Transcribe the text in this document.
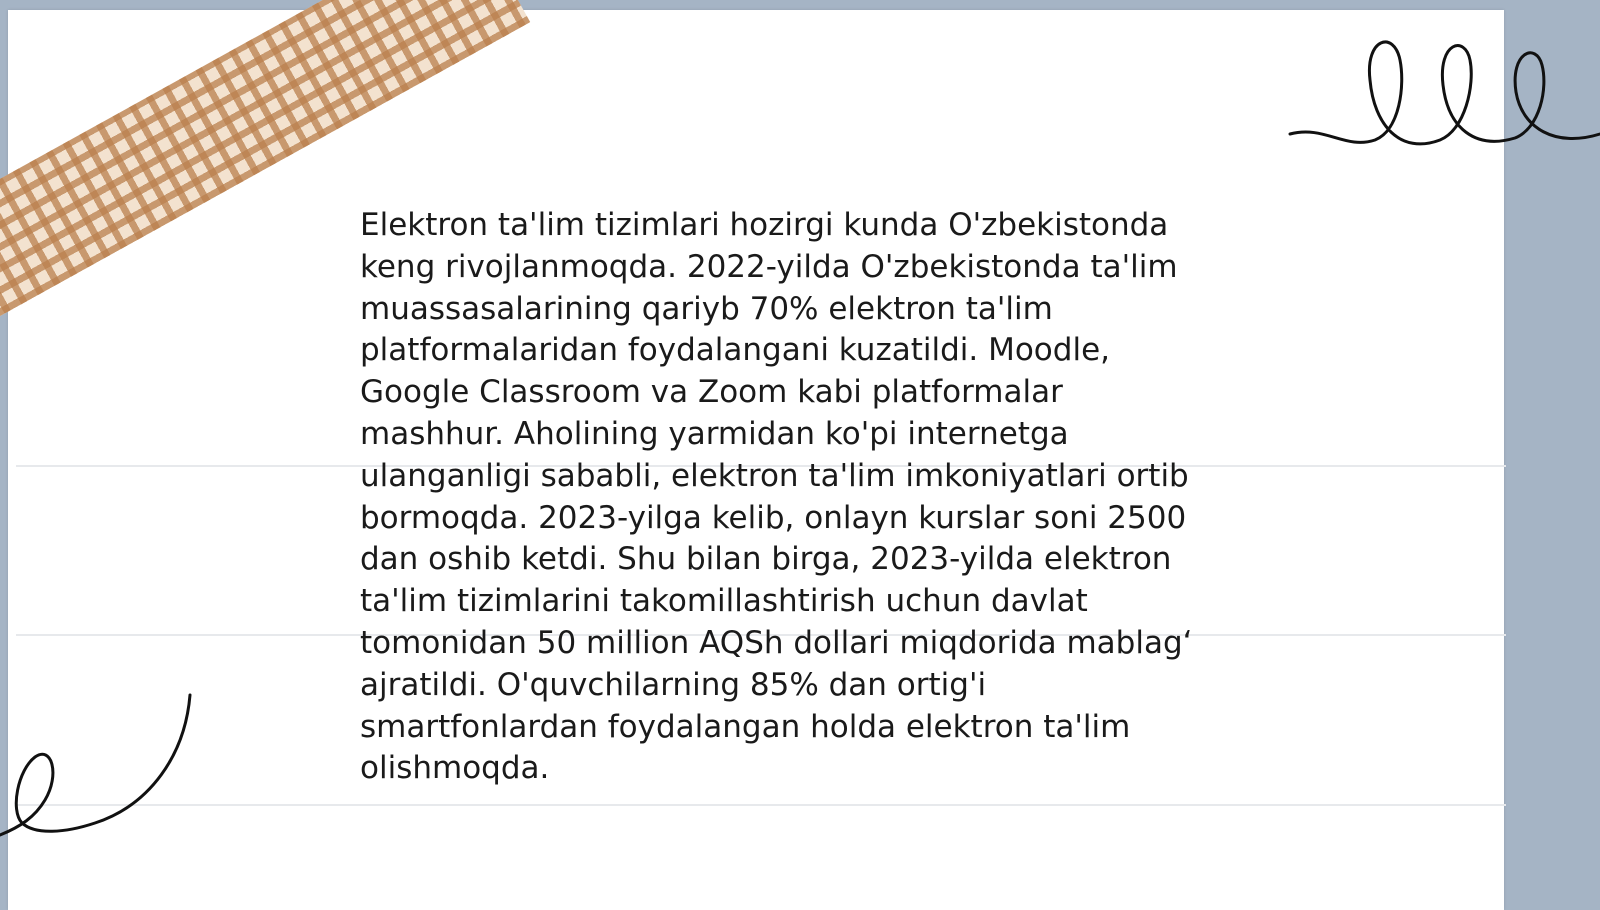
Elektron ta'lim tizimlari hozirgi kunda O'zbekistonda
keng rivojlanmoqda. 2022-yilda O'zbekistonda ta'lim
muassasalarining qariyb 70% elektron ta'lim
platformalaridan foydalangani kuzatildi. Moodle,
Google Classroom va Zoom kabi platformalar
mashhur. Aholining yarmidan ko'pi internetga
ulanganligi sababli, elektron ta'lim imkoniyatlari ortib
bormoqda. 2023-yilga kelib, onlayn kurslar soni 2500
dan oshib ketdi. Shu bilan birga, 2023-yilda elektron
ta'lim tizimlarini takomillashtirish uchun davlat
tomonidan 50 million AQSh dollari miqdorida mablag‘
ajratildi. O'quvchilarning 85% dan ortig'i
smartfonlardan foydalangan holda elektron ta'lim
olishmoqda.
